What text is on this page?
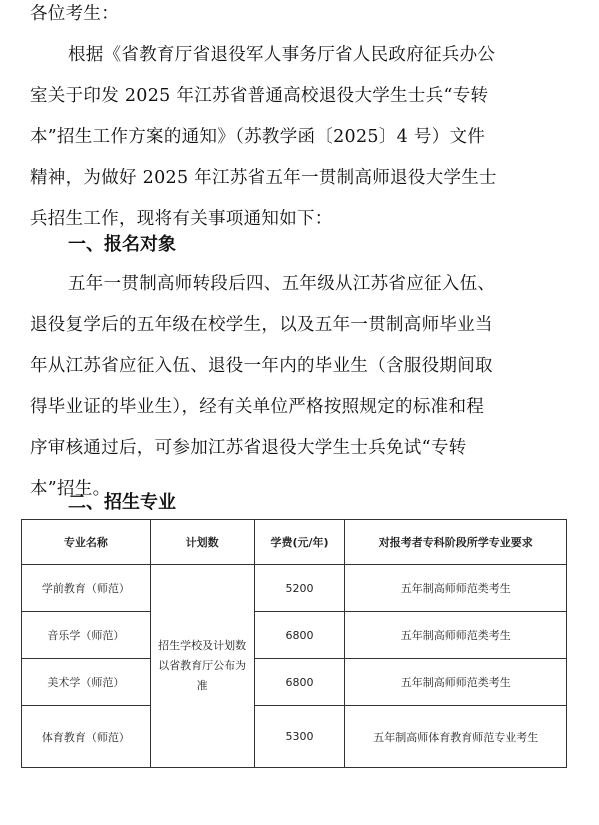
各位考生：
根据《省教育厅省退役军人事务厅省人民政府征兵办公
室关于印发 2025 年江苏省普通高校退役大学生士兵“专转
本”招生工作方案的通知》（苏教学函〔2025〕4 号）文件
精神，为做好 2025 年江苏省五年一贯制高师退役大学生士
兵招生工作，现将有关事项通知如下：
一、报名对象
五年一贯制高师转段后四、五年级从江苏省应征入伍、
退役复学后的五年级在校学生，以及五年一贯制高师毕业当
年从江苏省应征入伍、退役一年内的毕业生（含服役期间取
得毕业证的毕业生），经有关单位严格按照规定的标准和程
序审核通过后，可参加江苏省退役大学生士兵免试“专转
本”招生。
二、招生专业
专业名称	计划数	学费(元/年)	对报考者专科阶段所学专业要求
学前教育（师范）	招生学校及计划数以省教育厅公布为准	5200	五年制高师师范类考生
音乐学（师范）		6800	五年制高师师范类考生
美术学（师范）		6800	五年制高师师范类考生
体育教育（师范）		5300	五年制高师体育教育师范专业考生
